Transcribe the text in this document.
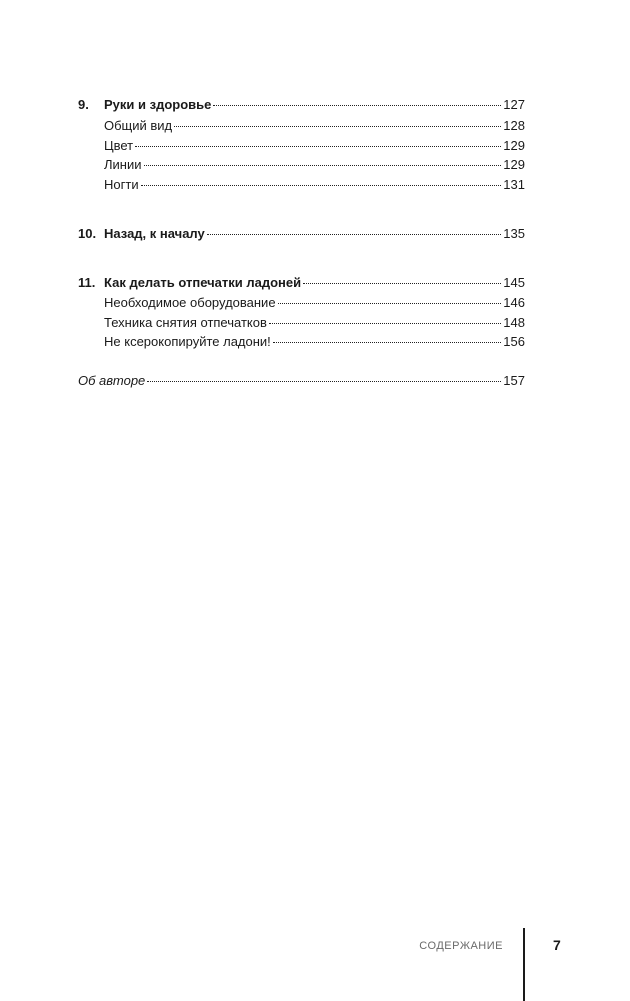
9.	Руки и здоровье	127
Общий вид	128
Цвет	129
Линии	129
Ногти	131
10. Назад, к началу	135
11. Как делать отпечатки ладоней	145
Необходимое оборудование	146
Техника снятия отпечатков	148
Не ксерокопируйте ладони!	156
Об авторе	157
СОДЕРЖАНИЕ	7
